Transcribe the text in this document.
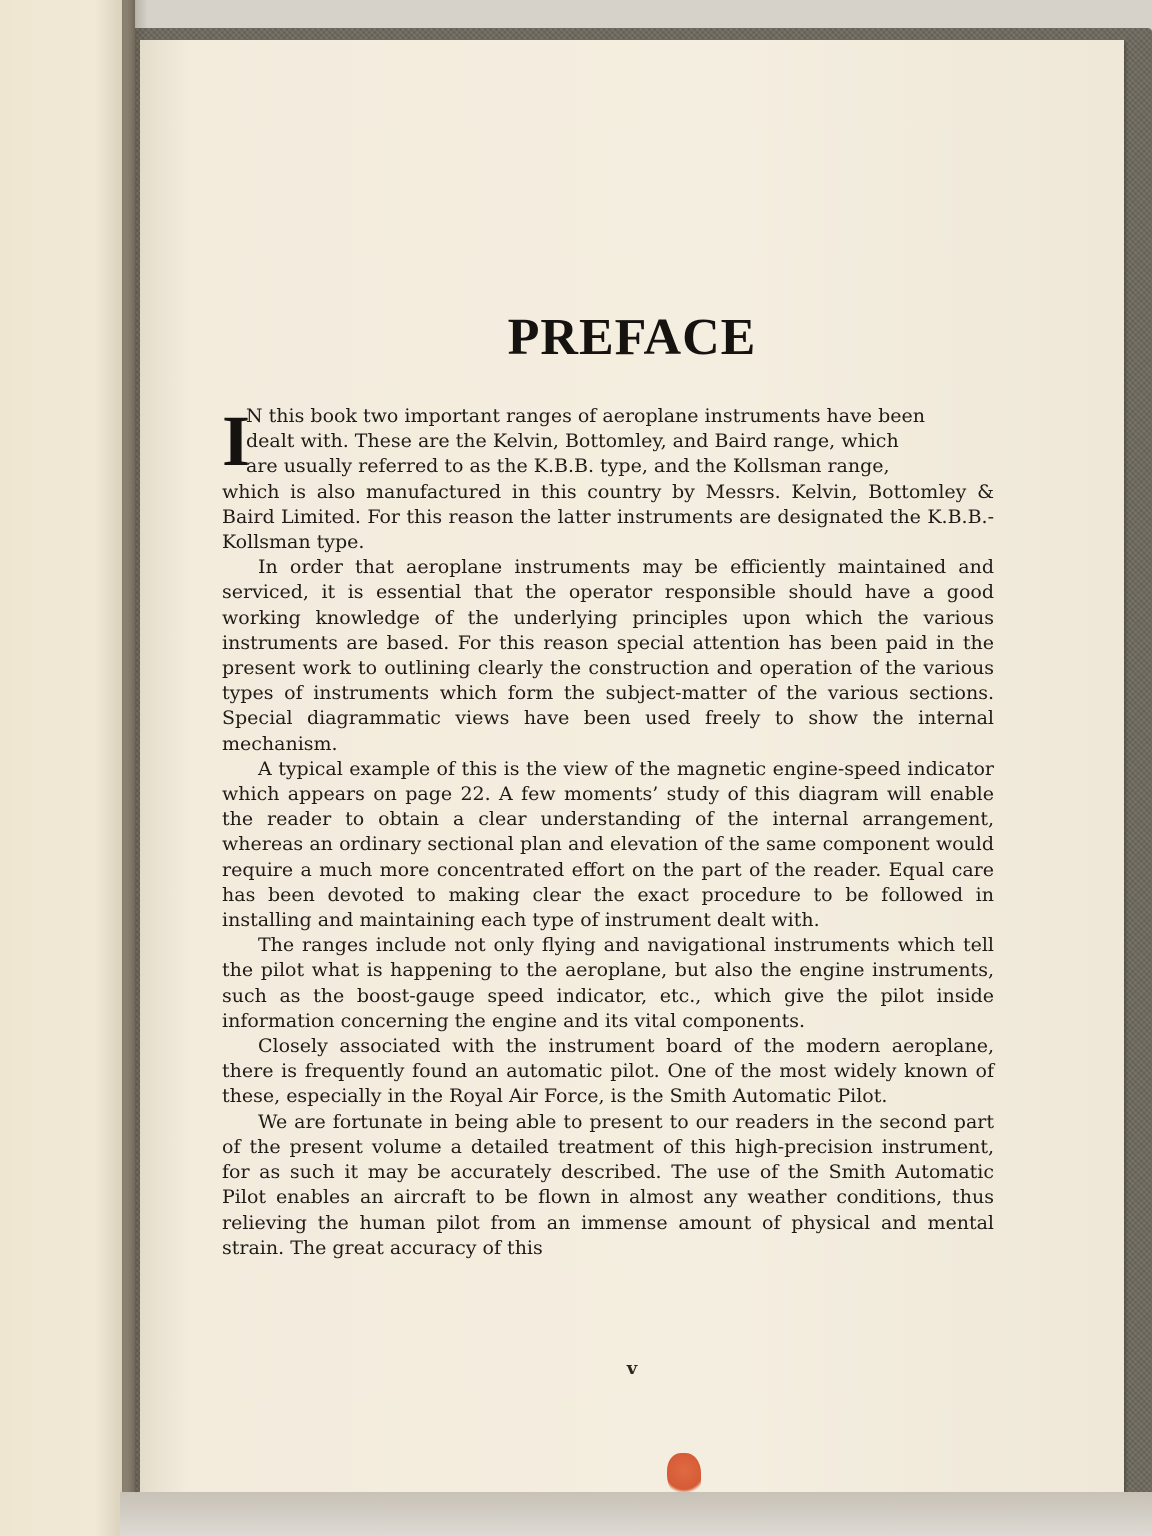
PREFACE

I
N this book two important ranges of aeroplane instruments have been
dealt with. These are the Kelvin, Bottomley, and Baird range, which
are usually referred to as the K.B.B. type, and the Kollsman range,
which is also manufactured in this country by Messrs. Kelvin, Bottomley & Baird Limited. For this reason the latter instruments are designated the K.B.B.-Kollsman type.

In order that aeroplane instruments may be efficiently maintained and serviced, it is essential that the operator responsible should have a good working knowledge of the underlying principles upon which the various instruments are based. For this reason special attention has been paid in the present work to outlining clearly the construction and operation of the various types of instruments which form the subject-matter of the various sections. Special diagrammatic views have been used freely to show the internal mechanism.

A typical example of this is the view of the magnetic engine-speed indicator which appears on page 22. A few moments’ study of this diagram will enable the reader to obtain a clear understanding of the internal arrangement, whereas an ordinary sectional plan and elevation of the same component would require a much more concentrated effort on the part of the reader. Equal care has been devoted to making clear the exact procedure to be followed in installing and maintaining each type of instrument dealt with.

The ranges include not only flying and navigational instruments which tell the pilot what is happening to the aeroplane, but also the engine instruments, such as the boost-gauge speed indicator, etc., which give the pilot inside information concerning the engine and its vital components.

Closely associated with the instrument board of the modern aeroplane, there is frequently found an automatic pilot. One of the most widely known of these, especially in the Royal Air Force, is the Smith Automatic Pilot.

We are fortunate in being able to present to our readers in the second part of the present volume a detailed treatment of this high-precision instrument, for as such it may be accurately described. The use of the Smith Automatic Pilot enables an aircraft to be flown in almost any weather conditions, thus relieving the human pilot from an immense amount of physical and mental strain. The great accuracy of this

v
